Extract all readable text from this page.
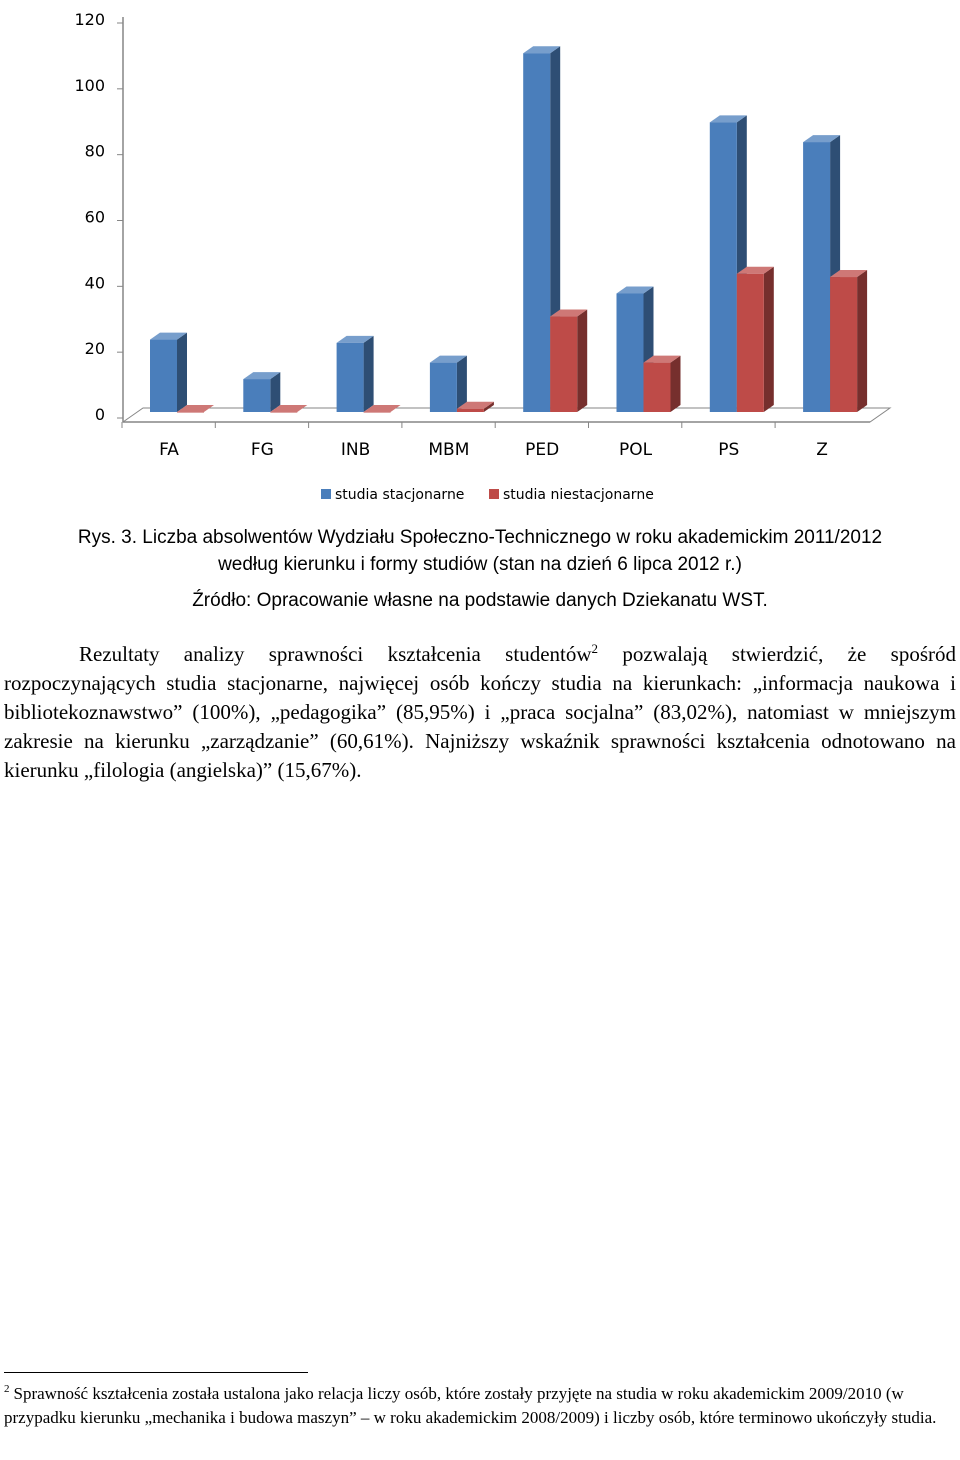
0
20
40
60
80
100
120
FA	FG	INB	MBM	PED	POL	PS	Z
studia stacjonarne	studia niestacjonarne
Rys. 3. Liczba absolwentów Wydziału Społeczno-Technicznego w roku akademickim 2011/2012
według kierunku i formy studiów (stan na dzień 6 lipca 2012 r.)
Źródło: Opracowanie własne na podstawie danych Dziekanatu WST.

Rezultaty analizy sprawności kształcenia studentów$^2$ pozwalają stwierdzić, że spośród rozpoczynających studia stacjonarne, najwięcej osób kończy studia na kierunkach: „informacja naukowa i bibliotekoznawstwo” (100%), „pedagogika” (85,95%) i „praca socjalna” (83,02%), natomiast w mniejszym zakresie na kierunku „zarządzanie” (60,61%). Najniższy wskaźnik sprawności kształcenia odnotowano na kierunku „filologia (angielska)” (15,67%).

$^2$ Sprawność kształcenia została ustalona jako relacja liczy osób, które zostały przyjęte na studia w roku akademickim 2009/2010 (w przypadku kierunku „mechanika i budowa maszyn” – w roku akademickim 2008/2009) i liczby osób, które terminowo ukończyły studia.
